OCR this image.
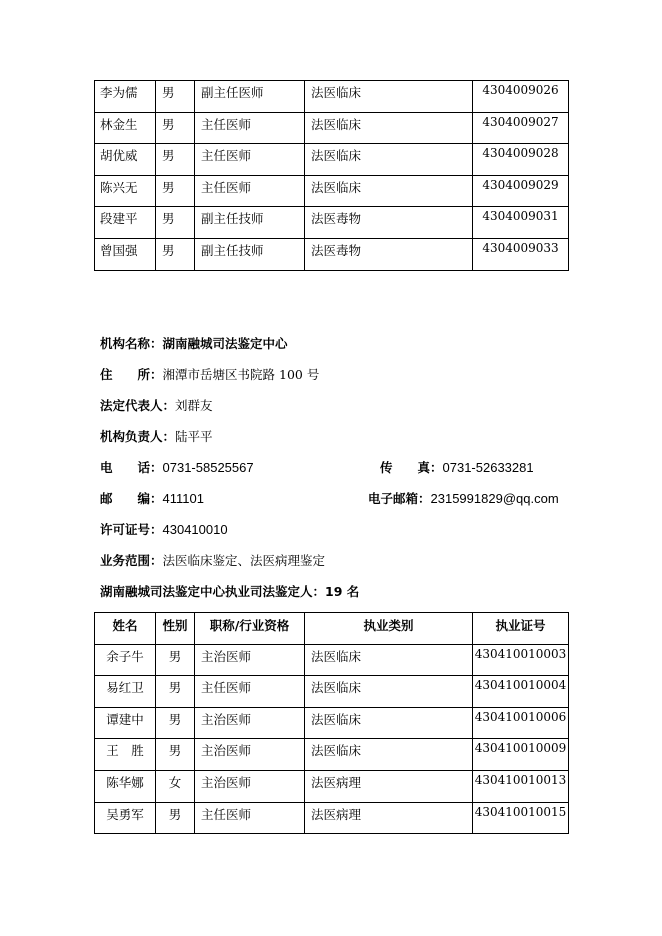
李为儒	男	副主任医师	法医临床	4304009026
林金生	男	主任医师	法医临床	4304009027
胡优威	男	主任医师	法医临床	4304009028
陈兴无	男	主任医师	法医临床	4304009029
段建平	男	副主任技师	法医毒物	4304009031
曾国强	男	副主任技师	法医毒物	4304009033
机构名称：湖南融城司法鉴定中心
住　　所：湘潭市岳塘区书院路 100 号
法定代表人：刘群友
机构负责人：陆平平
电　　话：0731-58525567	传　　真：0731-52633281
邮　　编：411101	电子邮箱：2315991829@qq.com
许可证号：430410010
业务范围：法医临床鉴定、法医病理鉴定
湖南融城司法鉴定中心执业司法鉴定人：19 名
姓名	性别	职称/行业资格	执业类别	执业证号
余子牛	男	主治医师	法医临床	430410010003
易红卫	男	主任医师	法医临床	430410010004
谭建中	男	主治医师	法医临床	430410010006
王　胜	男	主治医师	法医临床	430410010009
陈华娜	女	主治医师	法医病理	430410010013
吴勇军	男	主任医师	法医病理	430410010015
